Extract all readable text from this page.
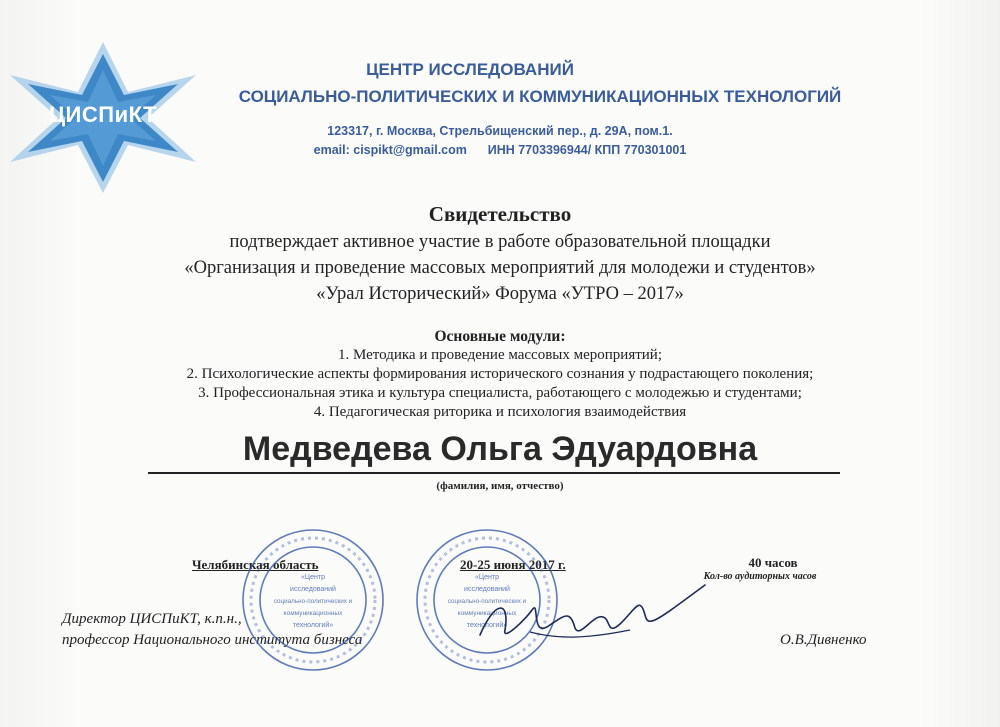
ЦИСПиКТ
ЦЕНТР ИССЛЕДОВАНИЙ
СОЦИАЛЬНО-ПОЛИТИЧЕСКИХ И КОММУНИКАЦИОННЫХ ТЕХНОЛОГИЙ
123317, г. Москва, Стрельбищенский пер., д. 29А, пом.1.
email: cispikt@gmail.com      ИНН 7703396944/ КПП 770301001
Свидетельство
подтверждает активное участие в работе образовательной площадки
«Организация и проведение массовых мероприятий для молодежи и студентов»
«Урал Исторический» Форума «УТРО – 2017»
Основные модули:
1. Методика и проведение массовых мероприятий;
2. Психологические аспекты формирования исторического сознания у подрастающего поколения;
3. Профессиональная этика и культура специалиста, работающего с молодежью и студентами;
4. Педагогическая риторика и психология взаимодействия
Медведева Ольга Эдуардовна
(фамилия, имя, отчество)
Челябинская область	20-25 июня 2017 г.	40 часов
Кол-во аудиторных часов
Директор ЦИСПиКТ, к.п.н.,
профессор Национального института бизнеса	О.В.Дивненко
«Центр
исследований
социально-политических и
коммуникационных
технологий»
«Центр
исследований
социально-политических и
коммуникационных
технологий»
